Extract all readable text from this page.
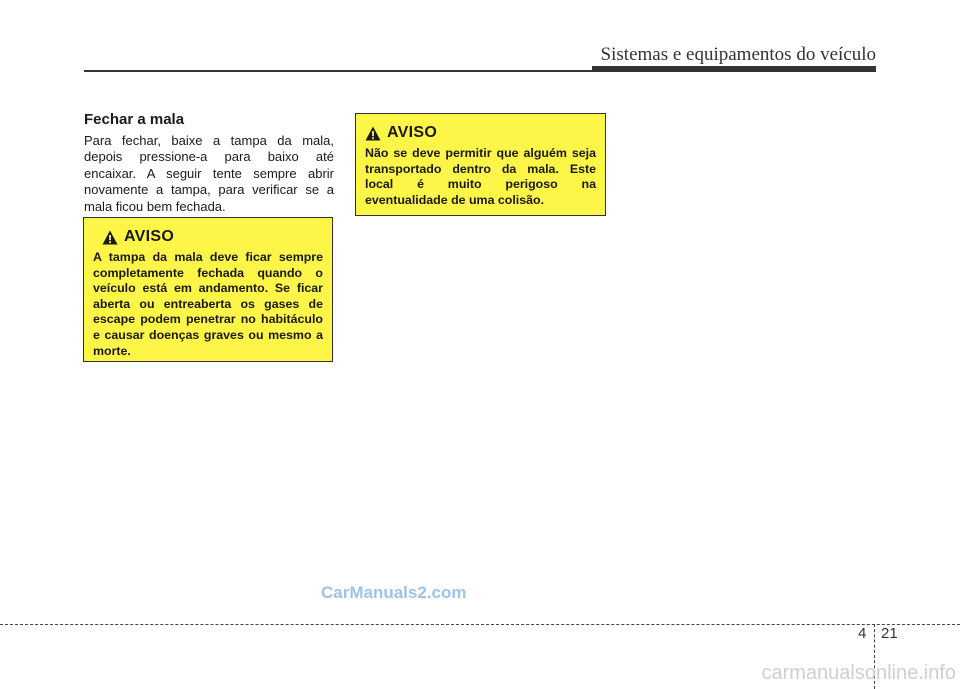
Sistemas e equipamentos do veículo
Fechar a mala
Para fechar, baixe a tampa da mala, depois pressione-a para baixo até encaixar. A seguir tente sempre abrir novamente a tampa, para verificar se a mala ficou bem fechada.
AVISO
A tampa da mala deve ficar sempre completamente fechada quando o veículo está em andamento. Se ficar aberta ou entreaberta os gases de escape podem penetrar no habitáculo e causar doenças graves ou mesmo a morte.
AVISO
Não se deve permitir que alguém seja transportado dentro da mala. Este local é muito perigoso na eventualidade de uma colisão.
CarManuals2.com
4 21
carmanualsonline.info
